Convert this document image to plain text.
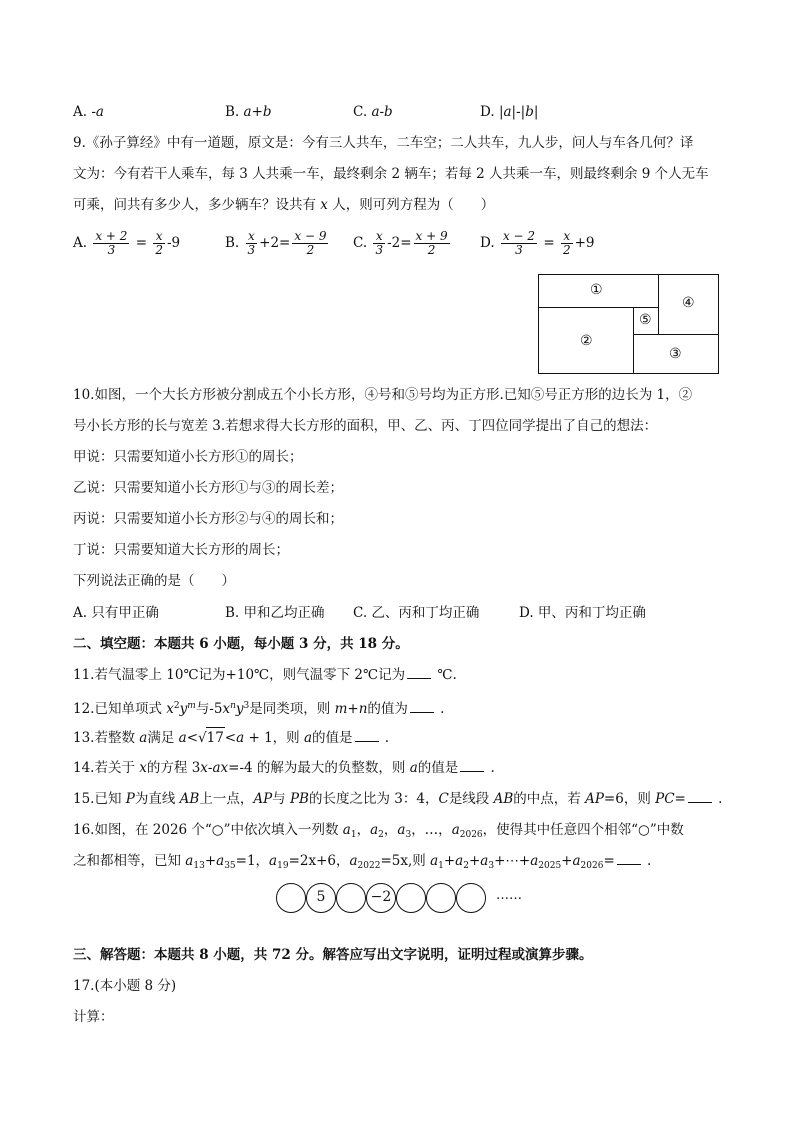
A. -a	B. a+b	C. a-b	D. |a|-|b|
9.《孙子算经》中有一道题，原文是：今有三人共车，二车空；二人共车，九人步，问人与车各几何？译
文为：今有若干人乘车，每 3 人共乘一车，最终剩余 2 辆车；若每 2 人共乘一车，则最终剩余 9 个人无车
可乘，问共有多少人，多少辆车？设共有 x 人，则可列方程为（　　）
A. $\frac{x + 2}{3} = \frac{x}{2} -9$	B. $\frac{x}{3} +2= \frac{x - 9}{2} C$. $\frac{x}{3} -2= \frac{x + 9}{2} D$. $\frac{x - 2}{3} = \frac{x}{2} +9$
①
④
⑤
②
③
10.如图，一个大长方形被分割成五个小长方形，④号和⑤号均为正方形.已知⑤号正方形的边长为 1，②
号小长方形的长与宽差 3.若想求得大长方形的面积，甲、乙、丙、丁四位同学提出了自己的想法：
甲说：只需要知道小长方形①的周长；
乙说：只需要知道小长方形①与③的周长差；
丙说：只需要知道小长方形②与④的周长和；
丁说：只需要知道大长方形的周长；
下列说法正确的是（　　）
A. 只有甲正确	B. 甲和乙均正确 C. 乙、丙和丁均正确	D. 甲、丙和丁均正确
二、填空题：本题共 6 小题，每小题 3 分，共 18 分。
11.若气温零上 10℃记为+10℃，则气温零下 2℃记为 ℃.
12.已知单项式 $x^2y^m$与$-5x^ny^3$是同类项，则 m+n的值为 .
13.若整数 a满足 a<√17<a + 1，则 a的值是 .
14.若关于 x的方程 3x-ax=-4 的解为最大的负整数，则 a的值是 .
15.已知 P为直线 AB上一点，AP与 PB的长度之比为 3：4，C是线段 AB的中点，若 AP=6，则 PC= .
16.如图，在 2026 个“○”中依次填入一列数 $a_1$，$a_2$，$a_3$，…，$a_{2026}$，使得其中任意四个相邻“○”中数
之和都相等，已知 $a_{13}+a_{35}=1$，$a_{19}=2x+6$，$a_{2022}=5x$,则 $a_1+a_2+a_3+\cdots+a_{2025}+a_{2026}=$ .
5	−2	……
三、解答题：本题共 8 小题，共 72 分。解答应写出文字说明，证明过程或演算步骤。
17.(本小题 8 分)
计算：
